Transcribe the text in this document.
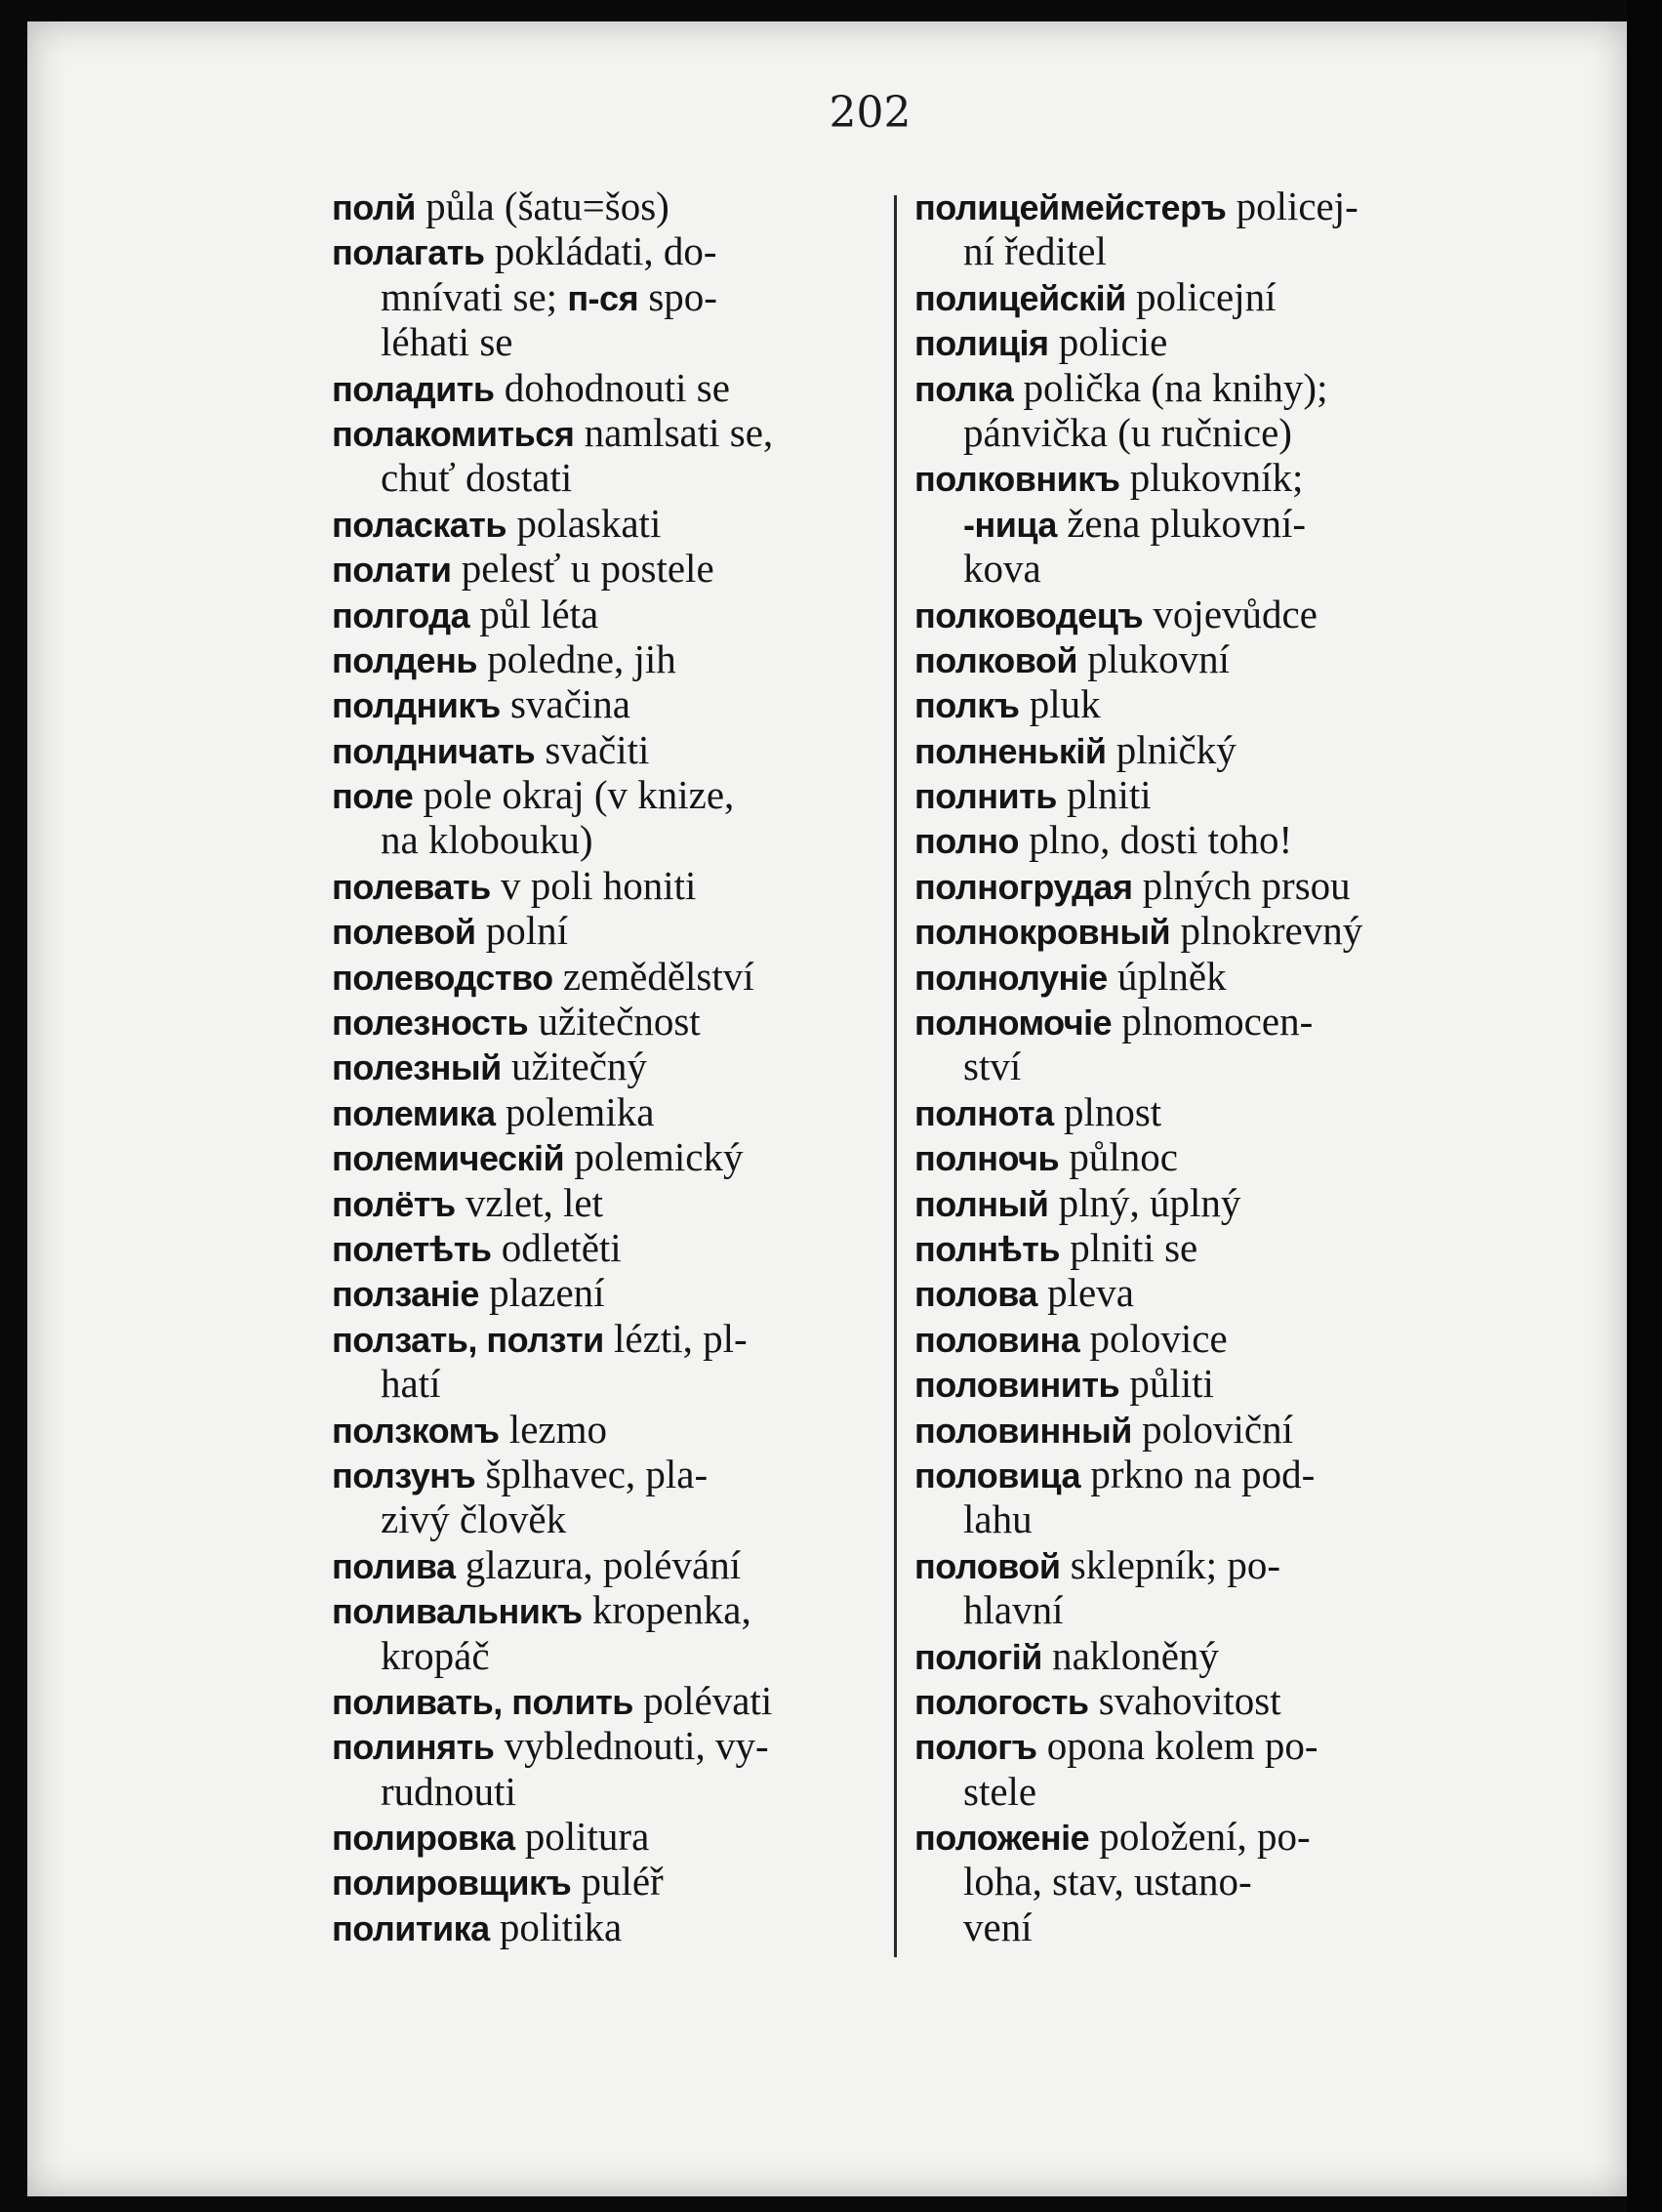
202
полй půla (šatu=šos)
полагать pokládati, do-
mnívati se; п-ся spo-
léhati se
поладить dohodnouti se
полакомиться namlsati se,
chuť dostati
поласкать polaskati
полати pelesť u postele
полгода půl léta
полдень poledne, jih
полдникъ svačina
полдничать svačiti
поле pole okraj (v knize,
na klobouku)
полевать v poli honiti
полевой polní
полеводство zemědělství
полезность užitečnost
полезный užitečný
полемика polemika
полемическій polemický
полётъ vzlet, let
полетѣть odletěti
ползаніе plazení
ползать, ползти lézti, pl-
hatí
ползкомъ lezmo
ползунъ šplhavec, pla-
zivý člověk
полива glazura, polévání
поливальникъ kropenka,
kropáč
поливать, полить polévati
полинять vyblednouti, vy-
rudnouti
полировка politura
полировщикъ puléř
политика politika
полицеймейстеръ policej-
ní ředitel
полицейскій policejní
полиція policie
полка polička (na knihy);
pánvička (u ručnice)
полковникъ plukovník;
-ница žena plukovní-
kova
полководецъ vojevůdce
полковой plukovní
полкъ pluk
полненькій plničký
полнить plniti
полно plno, dosti toho!
полногрудая plných prsou
полнокровный plnokrevný
полнолуніе úplněk
полномочіе plnomocen-
ství
полнота plnost
полночь půlnoc
полный plný, úplný
полнѣть plniti se
полова pleva
половина polovice
половинить půliti
половинный poloviční
половица prkno na pod-
lahu
половой sklepník; po-
hlavní
пологій nakloněný
пологость svahovitost
пологъ opona kolem po-
stele
положеніе položení, po-
loha, stav, ustano-
vení
